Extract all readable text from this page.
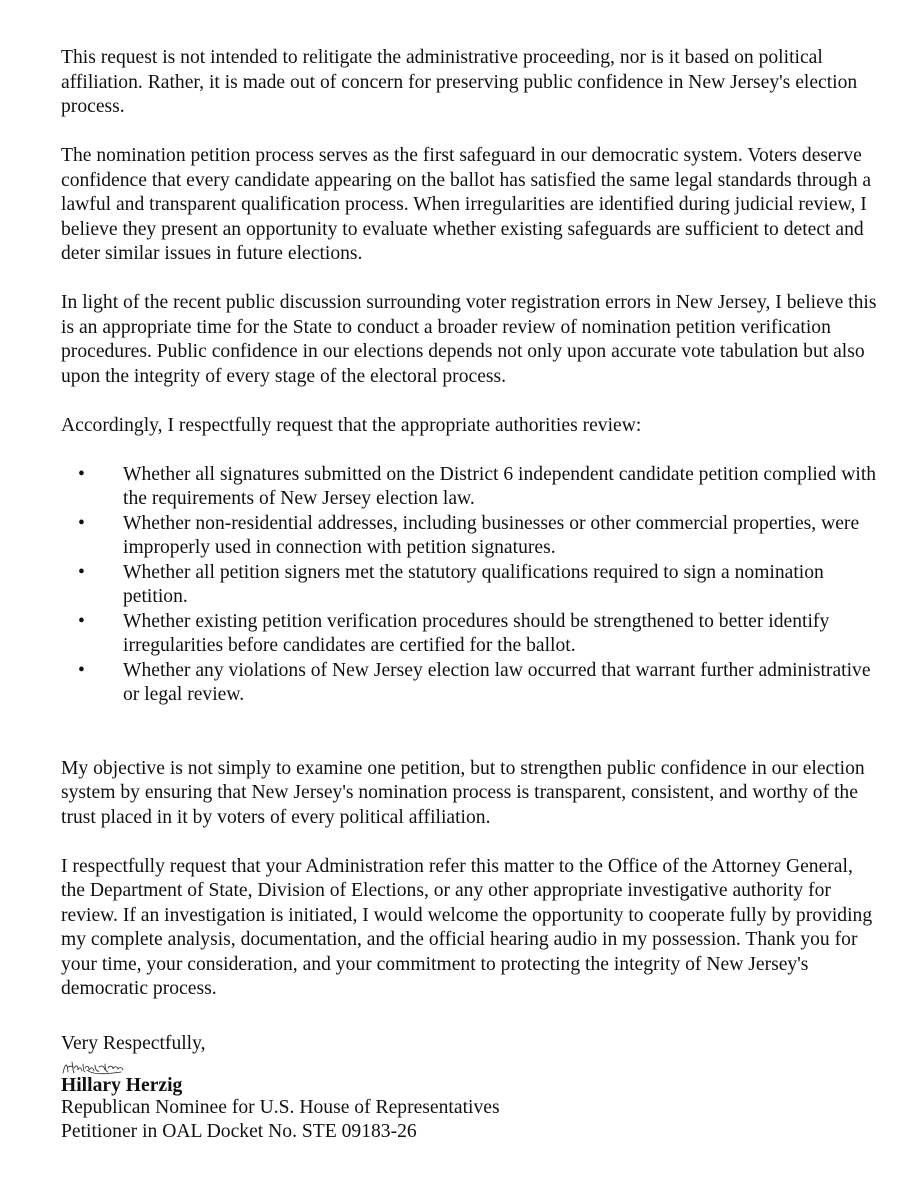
This request is not intended to relitigate the administrative proceeding, nor is it based on political affiliation. Rather, it is made out of concern for preserving public confidence in New Jersey's election process.

The nomination petition process serves as the first safeguard in our democratic system. Voters deserve confidence that every candidate appearing on the ballot has satisfied the same legal standards through a lawful and transparent qualification process. When irregularities are identified during judicial review, I believe they present an opportunity to evaluate whether existing safeguards are sufficient to detect and deter similar issues in future elections.

In light of the recent public discussion surrounding voter registration errors in New Jersey, I believe this is an appropriate time for the State to conduct a broader review of nomination petition verification procedures. Public confidence in our elections depends not only upon accurate vote tabulation but also upon the integrity of every stage of the electoral process.

Accordingly, I respectfully request that the appropriate authorities review:

• Whether all signatures submitted on the District 6 independent candidate petition complied with the requirements of New Jersey election law.
• Whether non-residential addresses, including businesses or other commercial properties, were improperly used in connection with petition signatures.
• Whether all petition signers met the statutory qualifications required to sign a nomination petition.
• Whether existing petition verification procedures should be strengthened to better identify irregularities before candidates are certified for the ballot.
• Whether any violations of New Jersey election law occurred that warrant further administrative or legal review.

My objective is not simply to examine one petition, but to strengthen public confidence in our election system by ensuring that New Jersey's nomination process is transparent, consistent, and worthy of the trust placed in it by voters of every political affiliation.

I respectfully request that your Administration refer this matter to the Office of the Attorney General, the Department of State, Division of Elections, or any other appropriate investigative authority for review. If an investigation is initiated, I would welcome the opportunity to cooperate fully by providing my complete analysis, documentation, and the official hearing audio in my possession. Thank you for your time, your consideration, and your commitment to protecting the integrity of New Jersey's democratic process.

Very Respectfully,
Hillary Herzig
Republican Nominee for U.S. House of Representatives
Petitioner in OAL Docket No. STE 09183-26
